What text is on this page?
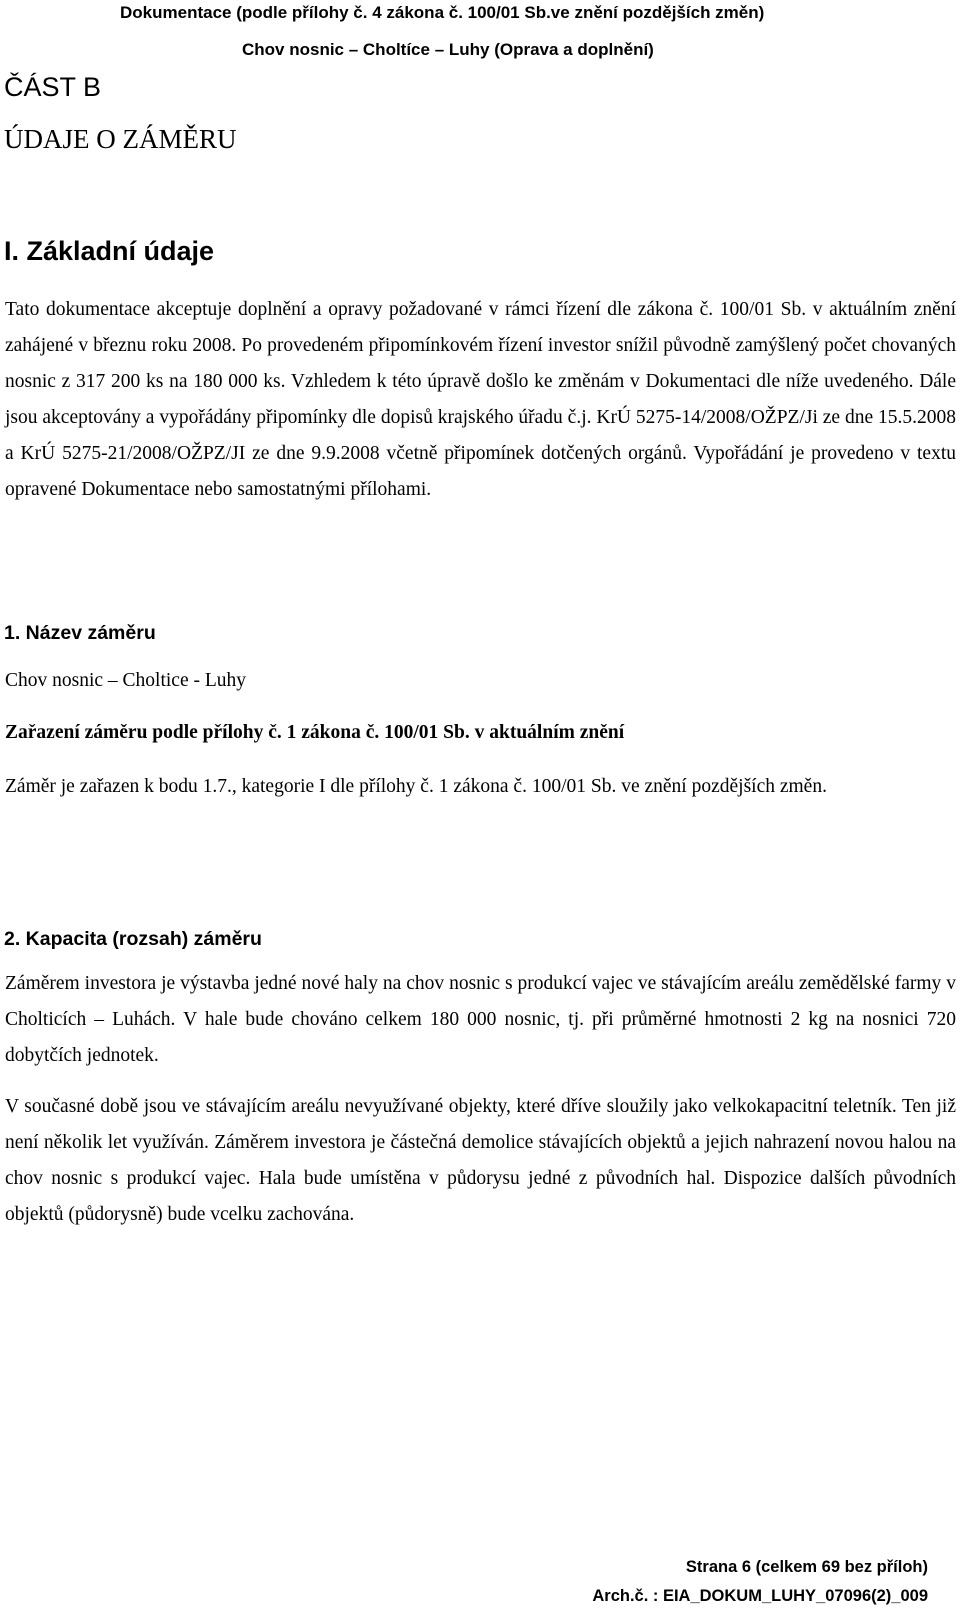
Dokumentace (podle přílohy č. 4 zákona č. 100/01 Sb.ve znění pozdějších změn)
Chov nosnic – Choltíce – Luhy (Oprava a doplnění)
ČÁST B
ÚDAJE O ZÁMĚRU
I. Základní údaje

Tato dokumentace akceptuje doplnění a opravy požadované v rámci řízení dle zákona č. 100/01 Sb. v aktuálním znění zahájené v březnu roku 2008. Po provedeném připomínkovém řízení investor snížil původně zamýšlený počet chovaných nosnic z 317 200 ks na 180 000 ks. Vzhledem k této úpravě došlo ke změnám v Dokumentaci dle níže uvedeného. Dále jsou akceptovány a vypořádány připomínky dle dopisů krajského úřadu č.j. KrÚ 5275-14/2008/OŽPZ/Ji ze dne 15.5.2008 a KrÚ 5275-21/2008/OŽPZ/JI ze dne 9.9.2008 včetně připomínek dotčených orgánů. Vypořádání je provedeno v textu opravené Dokumentace nebo samostatnými přílohami.

1. Název záměru
Chov nosnic – Choltice - Luhy
Zařazení záměru podle přílohy č. 1 zákona č. 100/01 Sb. v aktuálním znění

Záměr je zařazen k bodu 1.7., kategorie I dle přílohy č. 1 zákona č. 100/01 Sb. ve znění pozdějších změn.

2. Kapacita (rozsah) záměru

Záměrem investora je výstavba jedné nové haly na chov nosnic s produkcí vajec ve stávajícím areálu zemědělské farmy v Cholticích – Luhách. V hale bude chováno celkem 180 000 nosnic, tj. při průměrné hmotnosti 2 kg na nosnici 720 dobytčích jednotek.

V současné době jsou ve stávajícím areálu nevyužívané objekty, které dříve sloužily jako velkokapacitní teletník. Ten již není několik let využíván. Záměrem investora je částečná demolice stávajících objektů a jejich nahrazení novou halou na chov nosnic s produkcí vajec. Hala bude umístěna v půdorysu jedné z původních hal. Dispozice dalších původních objektů (půdorysně) bude vcelku zachována.

Strana 6 (celkem 69 bez příloh)
Arch.č. : EIA_DOKUM_LUHY_07096(2)_009
